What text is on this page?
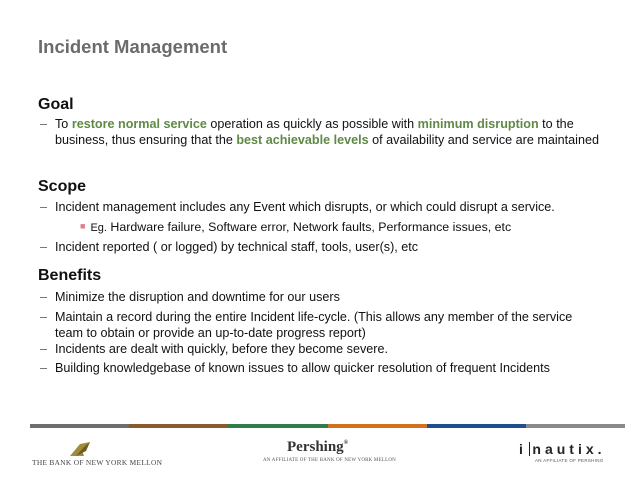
Incident Management
Goal
– To restore normal service operation as quickly as possible with minimum disruption to the business, thus ensuring that the best achievable levels of availability and service are maintained
Scope
– Incident management includes any Event which disrupts, or which could disrupt a service.
■ Eg. Hardware failure, Software error, Network faults, Performance issues, etc
– Incident reported ( or logged) by technical staff, tools, user(s), etc
Benefits
– Minimize the disruption and downtime for our users
– Maintain a record during the entire Incident life-cycle. (This allows any member of the service team to obtain or provide an up-to-date progress report)
– Incidents are dealt with quickly, before they become severe.
– Building knowledgebase of known issues to allow quicker resolution of frequent Incidents
THE BANK OF NEW YORK MELLON
Pershing®
AN AFFILIATE OF THE BANK OF NEW YORK MELLON
i nautix.
AN AFFILIATE OF PERSHING
